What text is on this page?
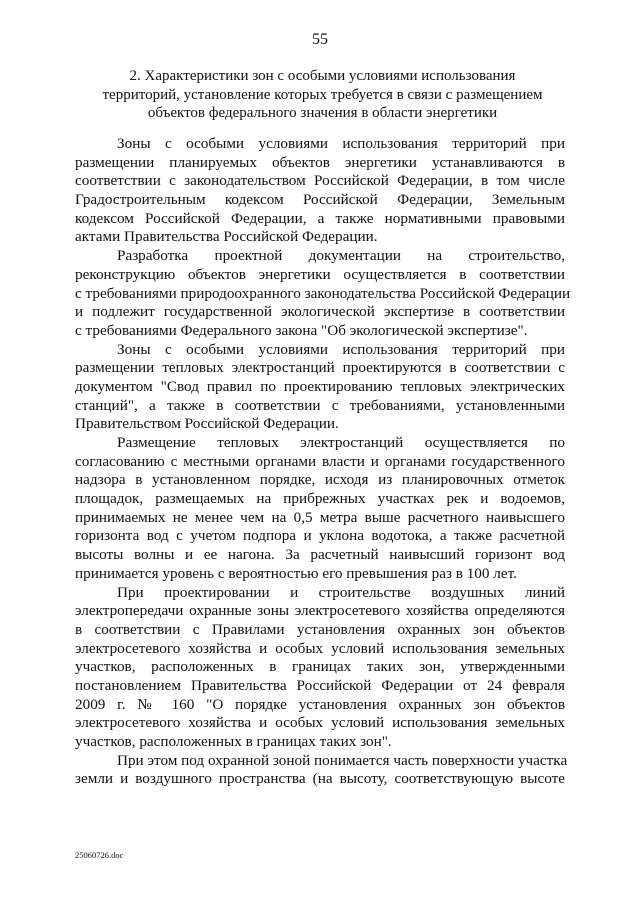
55
2. Характеристики зон с особыми условиями использования
территорий, установление которых требуется в связи с размещением
объектов федерального значения в области энергетики
Зоны с особыми условиями использования территорий при
размещении планируемых объектов энергетики устанавливаются в
соответствии с законодательством Российской Федерации, в том числе
Градостроительным кодексом Российской Федерации, Земельным
кодексом Российской Федерации, а также нормативными правовыми
актами Правительства Российской Федерации.
Разработка проектной документации на строительство,
реконструкцию объектов энергетики осуществляется в соответствии
с требованиями природоохранного законодательства Российской Федерации
и подлежит государственной экологической экспертизе в соответствии
с требованиями Федерального закона "Об экологической экспертизе".
Зоны с особыми условиями использования территорий при
размещении тепловых электростанций проектируются в соответствии с
документом "Свод правил по проектированию тепловых электрических
станций", а также в соответствии с требованиями, установленными
Правительством Российской Федерации.
Размещение тепловых электростанций осуществляется по
согласованию с местными органами власти и органами государственного
надзора в установленном порядке, исходя из планировочных отметок
площадок, размещаемых на прибрежных участках рек и водоемов,
принимаемых не менее чем на 0,5 метра выше расчетного наивысшего
горизонта вод с учетом подпора и уклона водотока, а также расчетной
высоты волны и ее нагона. За расчетный наивысший горизонт вод
принимается уровень с вероятностью его превышения раз в 100 лет.
При проектировании и строительстве воздушных линий
электропередачи охранные зоны электросетевого хозяйства определяются
в соответствии с Правилами установления охранных зон объектов
электросетевого хозяйства и особых условий использования земельных
участков, расположенных в границах таких зон, утвержденными
постановлением Правительства Российской Федерации от 24 февраля
2009 г. № 160 "О порядке установления охранных зон объектов
электросетевого хозяйства и особых условий использования земельных
участков, расположенных в границах таких зон".
При этом под охранной зоной понимается часть поверхности участка
земли и воздушного пространства (на высоту, соответствующую высоте
25060726.doc
